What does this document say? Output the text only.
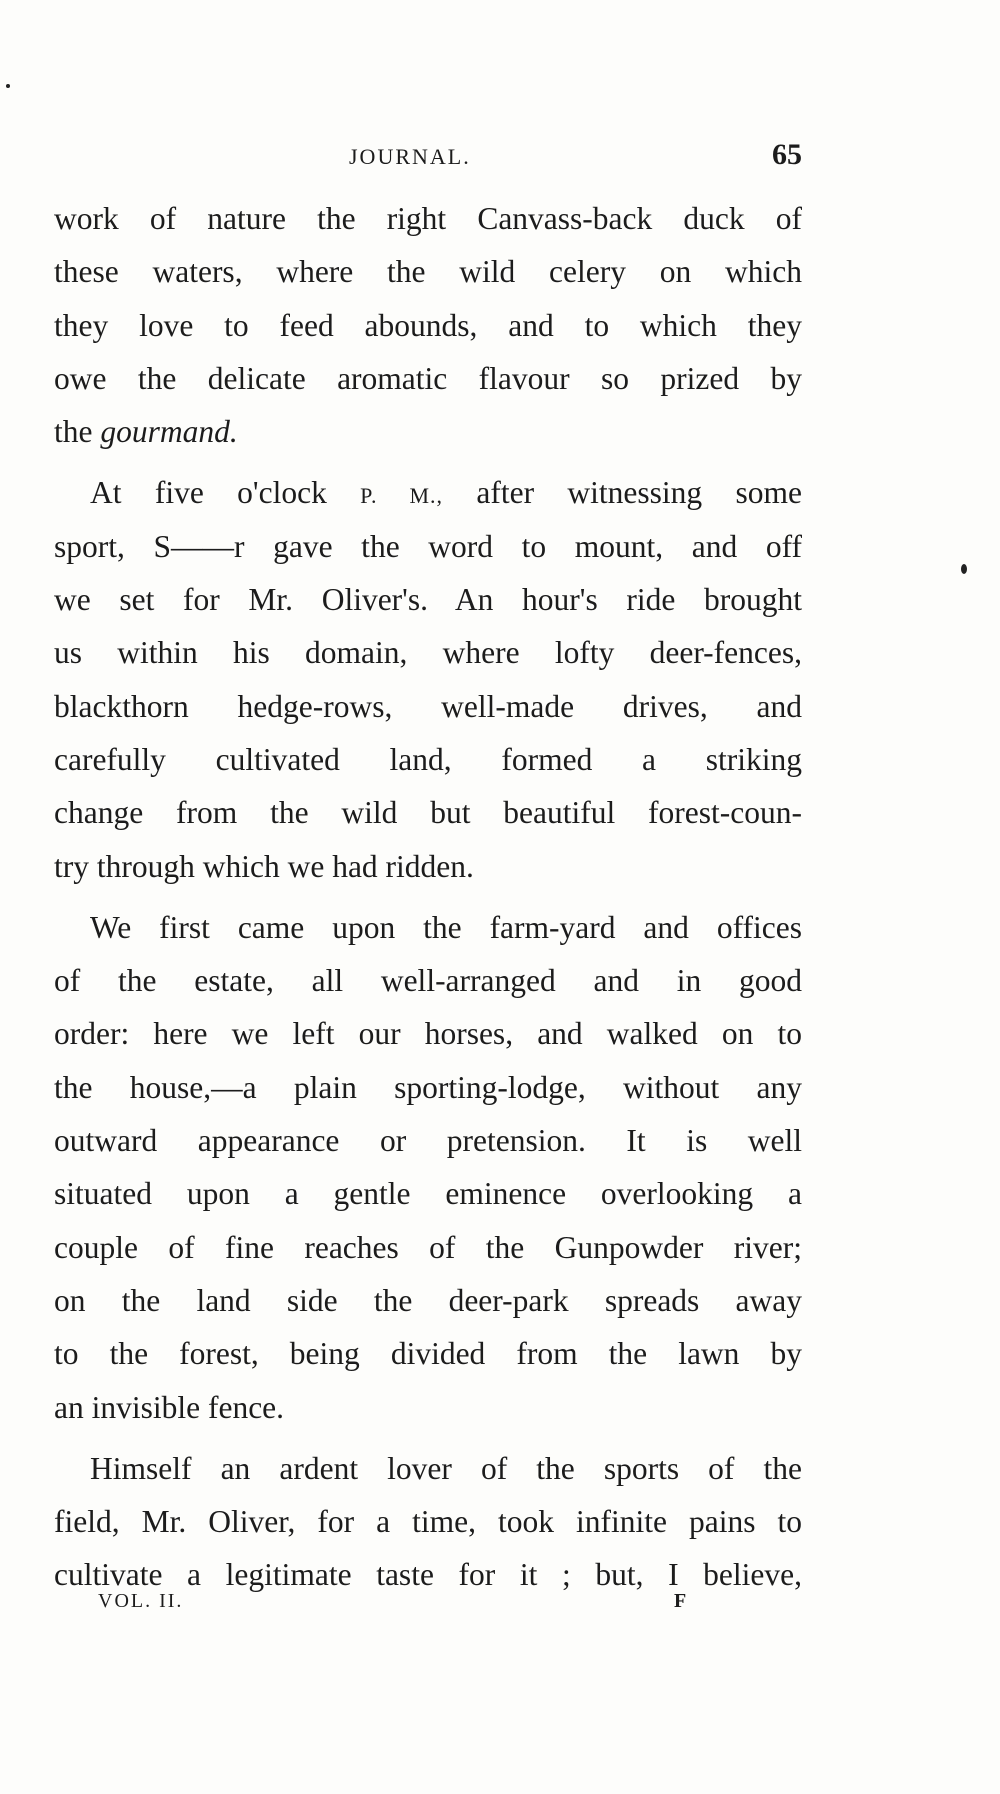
JOURNAL.	65
work of nature the right Canvass-back duck of
these waters, where the wild celery on which
they love to feed abounds, and to which they
owe the delicate aromatic flavour so prized by
the gourmand.
At five o'clock P. M., after witnessing some
sport, S——r gave the word to mount, and off
we set for Mr. Oliver's. An hour's ride brought
us within his domain, where lofty deer-fences,
blackthorn hedge-rows, well-made drives, and
carefully cultivated land, formed a striking
change from the wild but beautiful forest-coun-
try through which we had ridden.
We first came upon the farm-yard and offices
of the estate, all well-arranged and in good
order: here we left our horses, and walked on to
the house,—a plain sporting-lodge, without any
outward appearance or pretension. It is well
situated upon a gentle eminence overlooking a
couple of fine reaches of the Gunpowder river;
on the land side the deer-park spreads away
to the forest, being divided from the lawn by
an invisible fence.
Himself an ardent lover of the sports of the
field, Mr. Oliver, for a time, took infinite pains to
cultivate a legitimate taste for it ; but, I believe,
VOL. II.	F
